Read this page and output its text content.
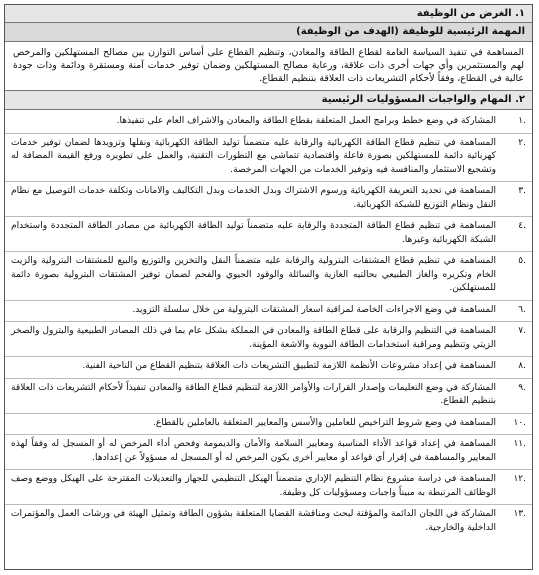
١. الغرض من الوظيفة
المهمة الرئيسية للوظيفة (الهدف من الوظيفة)
المساهمة في تنفيذ السياسة العامة لقطاع الطاقة والمعادن، وتنظيم القطاع على أساس التوازن بين مصالح المستهلكين والمرخص لهم والمستثمرين وأي جهات أخرى ذات علاقة، ورعاية مصالح المستهلكين وضمان توفير خدمات آمنة ومستقرة ودائمة وذات جودة عالية في القطاع، وفقاً لأحكام التشريعات ذات العلاقة بتنظيم القطاع.
٢. المهام والواجبات المسؤوليات الرئيسية
.١
المشاركة في وضع خطط وبرامج العمل المتعلقة بقطاع الطاقة والمعادن والاشراف العام على تنفيذها.
.٢
المساهمة في تنظيم قطاع الطاقة الكهربائية والرقابة عليه متضمناً توليد الطاقة الكهربائية ونقلها وتزويدها لضمان توفير خدمات كهربائية دائمة للمستهلكين بصورة فاعلة واقتصادية تتماشى مع التطورات التقنية، والعمل على تطويره ورفع القيمة المضافة له وتشجيع الاستثمار والمنافسة فيه وتوفير الخدمات من الجهات المرخصة.
.٣
المساهمة في تحديد التعريفة الكهربائية ورسوم الاشتراك وبدل الخدمات وبدل التكاليف والامانات وتكلفة خدمات التوصيل مع نظام النقل ونظام التوزيع للشبكة الكهربائية.
.٤
المساهمة في تنظيم قطاع الطاقة المتجددة والرقابة عليه متضمناً توليد الطاقة الكهربائية من مصادر الطاقة المتجددة واستخدام الشبكة الكهربائية وغيرها.
.٥
المساهمة في تنظيم قطاع المشتقات البترولية والرقابة عليه متضمناً النقل والتخزين والتوزيع والبيع للمشتقات البترولية والزيت الخام وتكريره والغاز الطبيعي بحالتيه الغازية والسائلة والوقود الحيوي والفحم لضمان توفير المشتقات البترولية بصورة دائمة للمستهلكين.
.٦
المساهمة في وضع الاجراءات الخاصة لمراقبة اسعار المشتقات البترولية من خلال سلسلة التزويد.
.٧
المساهمة في التنظيم والرقابة على قطاع الطاقة والمعادن في المملكة بشكل عام بما في ذلك المصادر الطبيعية والبترول والصخر الزيتي وتنظيم ومراقبة استخدامات الطاقة النووية والاشعة المؤينة.
.٨
المساهمة في إعداد مشروعات الأنظمة اللازمة لتطبيق التشريعات ذات العلاقة بتنظيم القطاع من الناحية الفنية.
.٩
المشاركة في وضع التعليمات وإصدار القرارات والأوامر اللازمة لتنظيم قطاع الطاقة والمعادن تنفيذاً لأحكام التشريعات ذات العلاقة بتنظيم القطاع.
.١٠
المساهمة في وضع شروط التراخيص للعاملين والأسس والمعايير المتعلقة بالعاملين بالقطاع.
.١١
المساهمة في إعداد قواعد الأداء المناسبة ومعايير السلامة والأمان والديمومة وفحص أداء المرخص له أو المسجل له وفقاً لهذه المعايير والمساهمة في إقرار أي قواعد أو معايير أخرى يكون المرخص له أو المسجل له مسؤولاً عن إعدادها.
.١٢
المساهمة في دراسة مشروع نظام التنظيم الإداري متضمناً الهيكل التنظيمي للجهاز والتعديلات المقترحة على الهيكل ووضع وصف الوظائف المرتبطة به مبيناً واجبات ومسؤوليات كل وظيفة.
.١٣
المشاركة في اللجان الدائمة والمؤقتة لبحث ومناقشة القضايا المتعلقة بشؤون الطاقة وتمثيل الهيئة في ورشات العمل والمؤتمرات الداخلية والخارجية.
